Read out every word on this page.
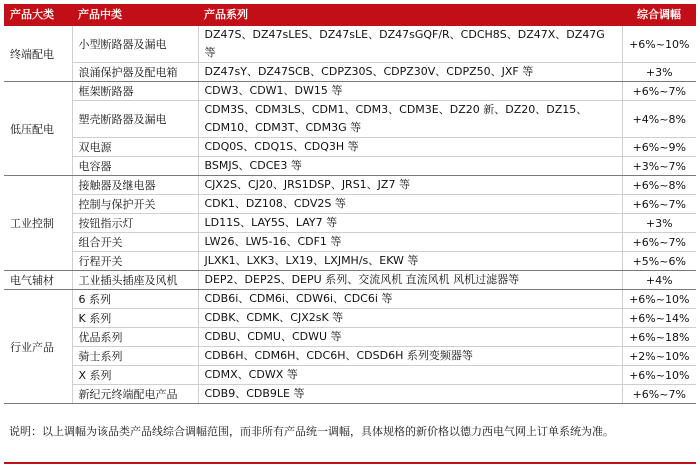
产品大类	产品中类	产品系列	综合调幅
终端配电	小型断路器及漏电	DZ47S、DZ47sLES、DZ47sLE、DZ47sGQF/R、CDCH8S、DZ47X、DZ47G 等	+6%~10%
	浪涌保护器及配电箱	DZ47sY、DZ47SCB、CDPZ30S、CDPZ30V、CDPZ50、JXF 等	+3%
低压配电	框架断路器	CDW3、CDW1、DW15 等	+6%~7%
	塑壳断路器及漏电	CDM3S、CDM3LS、CDM1、CDM3、CDM3E、DZ20 新、DZ20、DZ15、CDM10、CDM3T、CDM3G 等	+4%~8%
	双电源	CDQ0S、CDQ1S、CDQ3H 等	+6%~9%
	电容器	BSMJS、CDCE3 等	+3%~7%
工业控制	接触器及继电器	CJX2S、CJ20、JRS1DSP、JRS1、JZ7 等	+6%~8%
	控制与保护开关	CDK1、DZ108、CDV2S 等	+6%~7%
	按钮指示灯	LD11S、LAY5S、LAY7 等	+3%
	组合开关	LW26、LW5-16、CDF1 等	+6%~7%
	行程开关	JLXK1、LXK3、LX19、LXJMH/s、EKW 等	+5%~6%
电气辅材	工业插头插座及风机	DEP2、DEP2S、DEPU 系列、交流风机 直流风机 风机过滤器等	+4%
行业产品	6 系列	CDB6i、CDM6i、CDW6i、CDC6i 等	+6%~10%
	K 系列	CDBK、CDMK、CJX2sK 等	+6%~14%
	优品系列	CDBU、CDMU、CDWU 等	+6%~18%
	骑士系列	CDB6H、CDM6H、CDC6H、CDSD6H 系列变频器等	+2%~10%
	X 系列	CDMX、CDWX 等	+6%~10%
	新纪元终端配电产品	CDB9、CDB9LE 等	+6%~7%
说明：以上调幅为该品类产品线综合调幅范围，而非所有产品统一调幅，具体规格的新价格以德力西电气网上订单系统为准。
